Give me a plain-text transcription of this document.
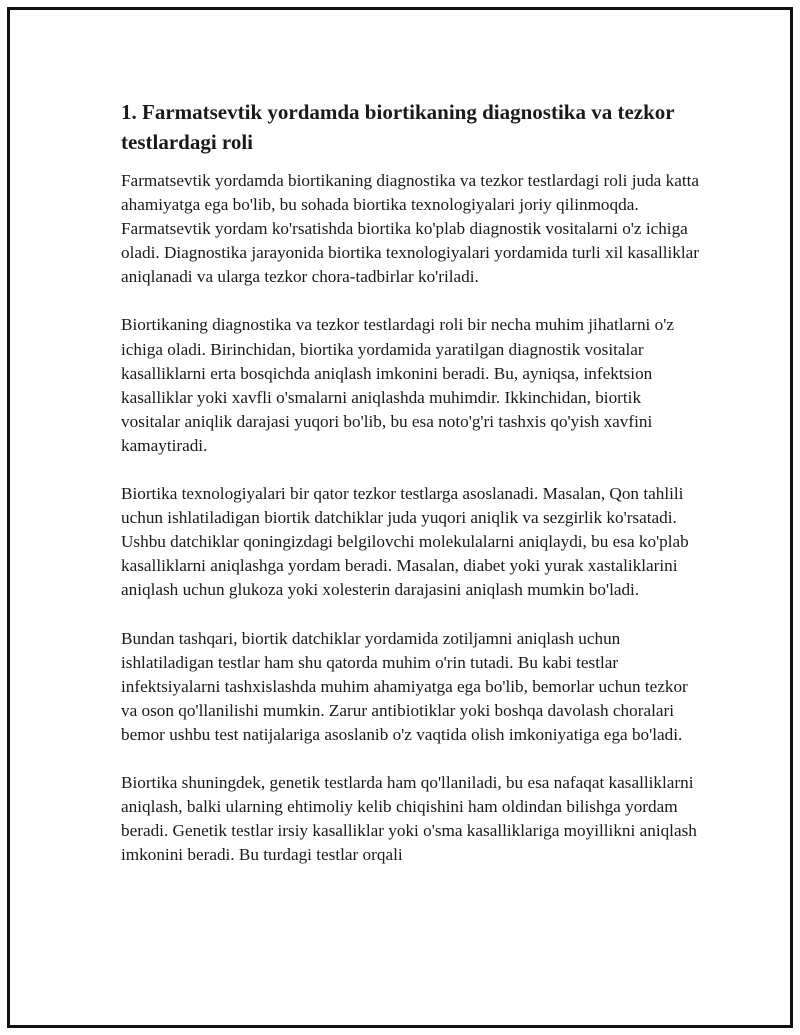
1. Farmatsevtik yordamda biortikaning diagnostika va tezkor testlardagi roli

Farmatsevtik yordamda biortikaning diagnostika va tezkor testlardagi roli juda katta ahamiyatga ega bo'lib, bu sohada biortika texnologiyalari joriy qilinmoqda. Farmatsevtik yordam ko'rsatishda biortika ko'plab diagnostik vositalarni o'z ichiga oladi. Diagnostika jarayonida biortika texnologiyalari yordamida turli xil kasalliklar aniqlanadi va ularga tezkor chora-tadbirlar ko'riladi.

Biortikaning diagnostika va tezkor testlardagi roli bir necha muhim jihatlarni o'z ichiga oladi. Birinchidan, biortika yordamida yaratilgan diagnostik vositalar kasalliklarni erta bosqichda aniqlash imkonini beradi. Bu, ayniqsa, infektsion kasalliklar yoki xavfli o'smalarni aniqlashda muhimdir. Ikkinchidan, biortik vositalar aniqlik darajasi yuqori bo'lib, bu esa noto'g'ri tashxis qo'yish xavfini kamaytiradi.

Biortika texnologiyalari bir qator tezkor testlarga asoslanadi. Masalan, Qon tahlili uchun ishlatiladigan biortik datchiklar juda yuqori aniqlik va sezgirlik ko'rsatadi. Ushbu datchiklar qoningizdagi belgilovchi molekulalarni aniqlaydi, bu esa ko'plab kasalliklarni aniqlashga yordam beradi. Masalan, diabet yoki yurak xastaliklarini aniqlash uchun glukoza yoki xolesterin darajasini aniqlash mumkin bo'ladi.

Bundan tashqari, biortik datchiklar yordamida zotiljamni aniqlash uchun ishlatiladigan testlar ham shu qatorda muhim o'rin tutadi. Bu kabi testlar infektsiyalarni tashxislashda muhim ahamiyatga ega bo'lib, bemorlar uchun tezkor va oson qo'llanilishi mumkin. Zarur antibiotiklar yoki boshqa davolash choralari bemor ushbu test natijalariga asoslanib o'z vaqtida olish imkoniyatiga ega bo'ladi.

Biortika shuningdek, genetik testlarda ham qo'llaniladi, bu esa nafaqat kasalliklarni aniqlash, balki ularning ehtimoliy kelib chiqishini ham oldindan bilishga yordam beradi. Genetik testlar irsiy kasalliklar yoki o'sma kasalliklariga moyillikni aniqlash imkonini beradi. Bu turdagi testlar orqali
